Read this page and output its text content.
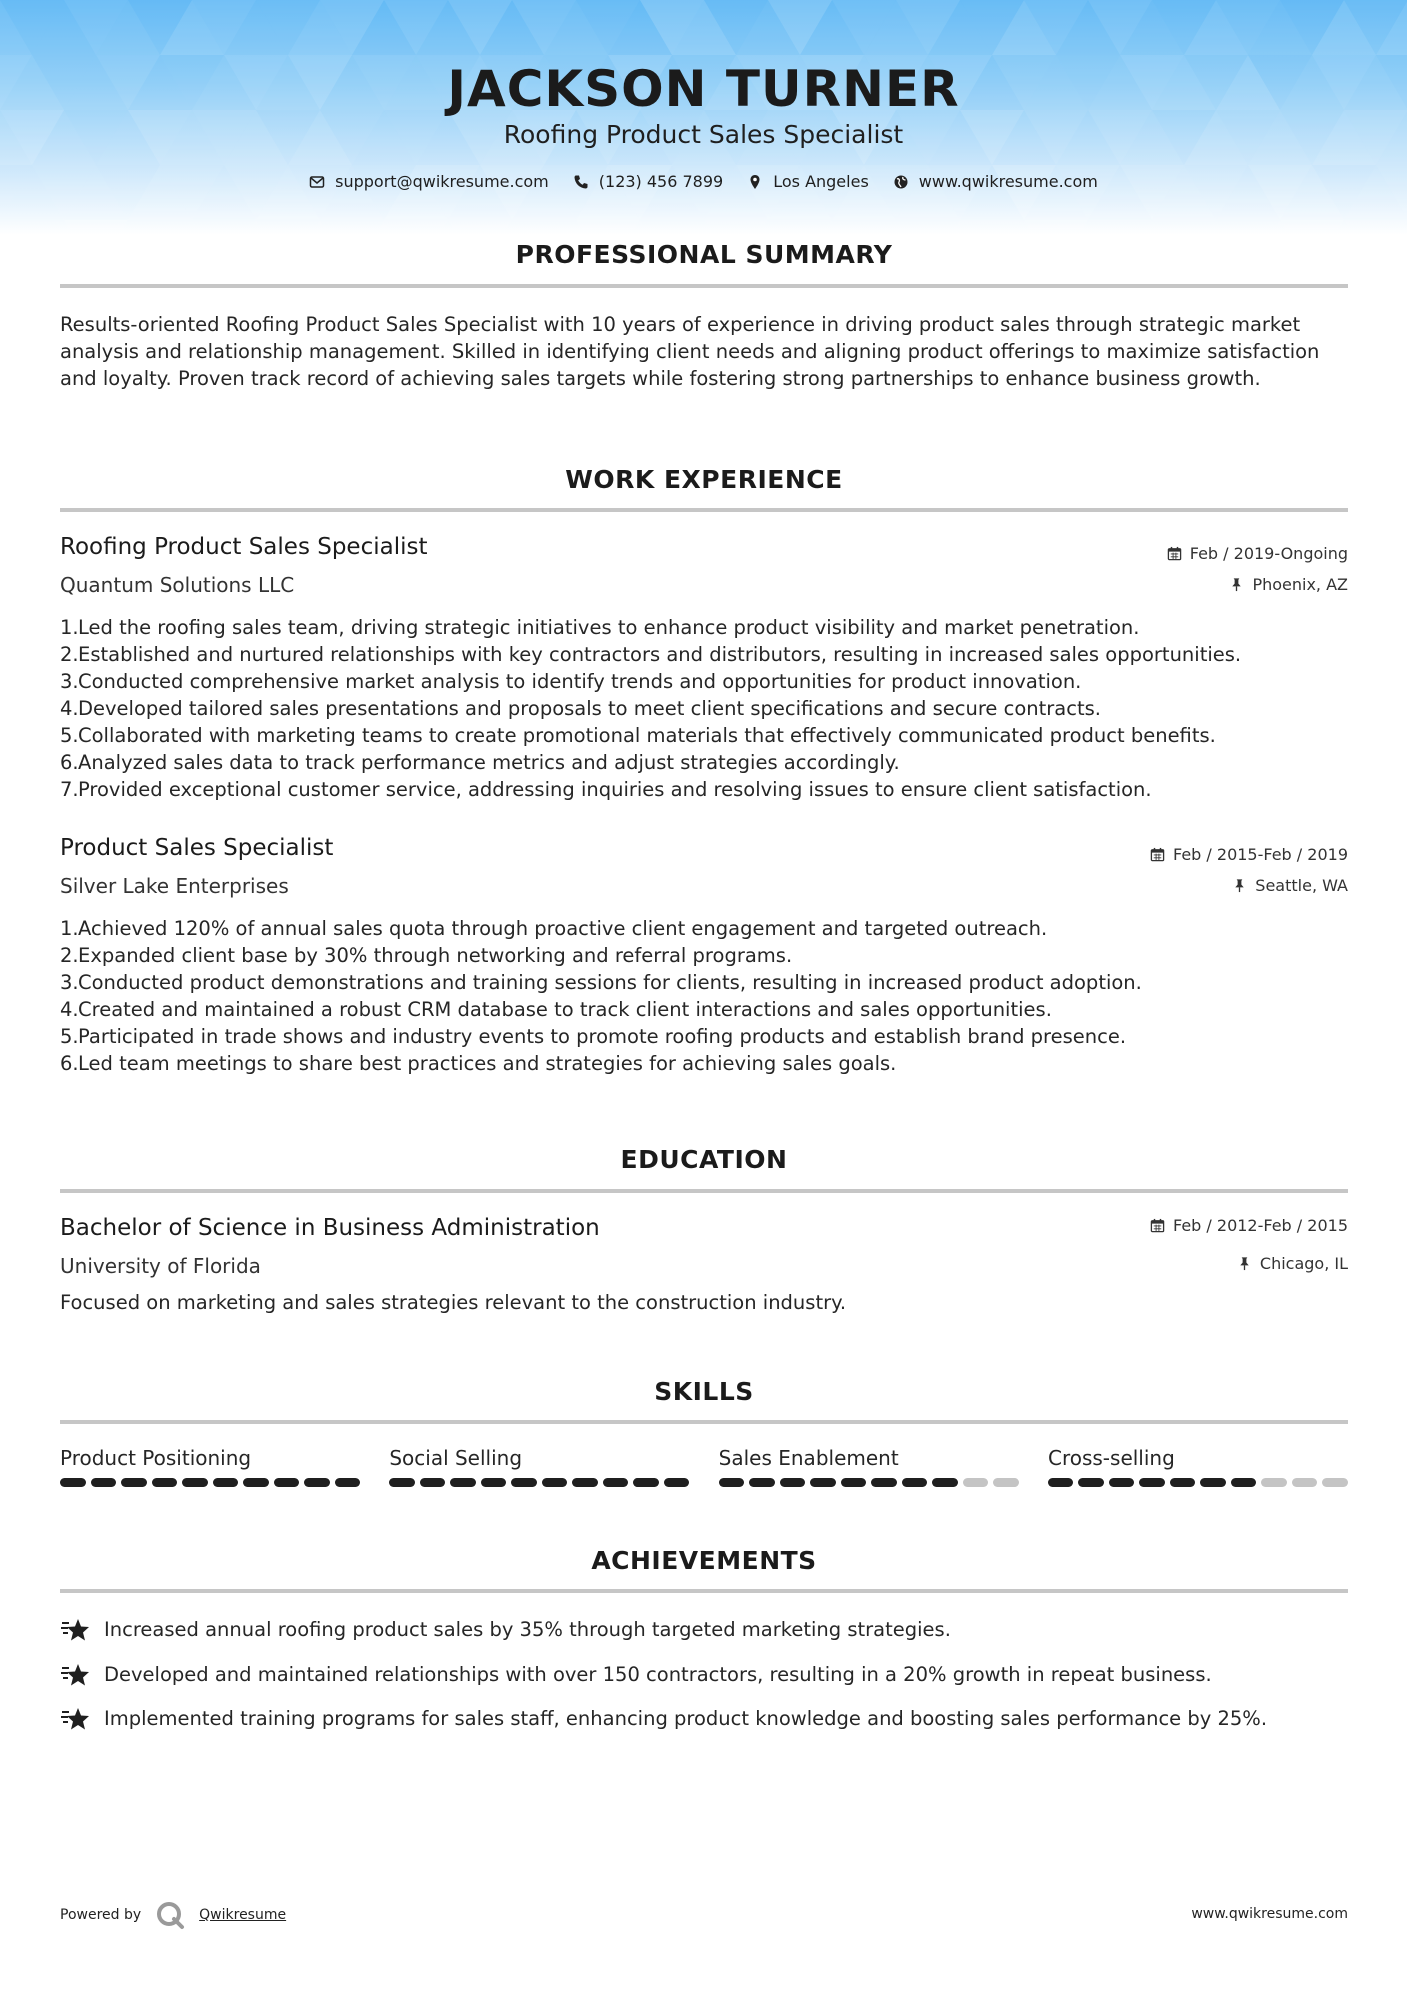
JACKSON TURNER
Roofing Product Sales Specialist
support@qwikresume.com	(123) 456 7899	Los Angeles	www.qwikresume.com
PROFESSIONAL SUMMARY
Results-oriented Roofing Product Sales Specialist with 10 years of experience in driving product sales through strategic market analysis and relationship management. Skilled in identifying client needs and aligning product offerings to maximize satisfaction and loyalty. Proven track record of achieving sales targets while fostering strong partnerships to enhance business growth.
WORK EXPERIENCE
Roofing Product Sales Specialist	Feb / 2019-Ongoing
Quantum Solutions LLC	Phoenix, AZ
1. Led the roofing sales team, driving strategic initiatives to enhance product visibility and market penetration.
2. Established and nurtured relationships with key contractors and distributors, resulting in increased sales opportunities.
3. Conducted comprehensive market analysis to identify trends and opportunities for product innovation.
4. Developed tailored sales presentations and proposals to meet client specifications and secure contracts.
5. Collaborated with marketing teams to create promotional materials that effectively communicated product benefits.
6. Analyzed sales data to track performance metrics and adjust strategies accordingly.
7. Provided exceptional customer service, addressing inquiries and resolving issues to ensure client satisfaction.
Product Sales Specialist	Feb / 2015-Feb / 2019
Silver Lake Enterprises	Seattle, WA
1. Achieved 120% of annual sales quota through proactive client engagement and targeted outreach.
2. Expanded client base by 30% through networking and referral programs.
3. Conducted product demonstrations and training sessions for clients, resulting in increased product adoption.
4. Created and maintained a robust CRM database to track client interactions and sales opportunities.
5. Participated in trade shows and industry events to promote roofing products and establish brand presence.
6. Led team meetings to share best practices and strategies for achieving sales goals.
EDUCATION
Bachelor of Science in Business Administration	Feb / 2012-Feb / 2015
University of Florida	Chicago, IL
Focused on marketing and sales strategies relevant to the construction industry.
SKILLS
Product Positioning	Social Selling	Sales Enablement	Cross-selling
ACHIEVEMENTS
Increased annual roofing product sales by 35% through targeted marketing strategies.
Developed and maintained relationships with over 150 contractors, resulting in a 20% growth in repeat business.
Implemented training programs for sales staff, enhancing product knowledge and boosting sales performance by 25%.
Powered by	Qwikresume	www.qwikresume.com
